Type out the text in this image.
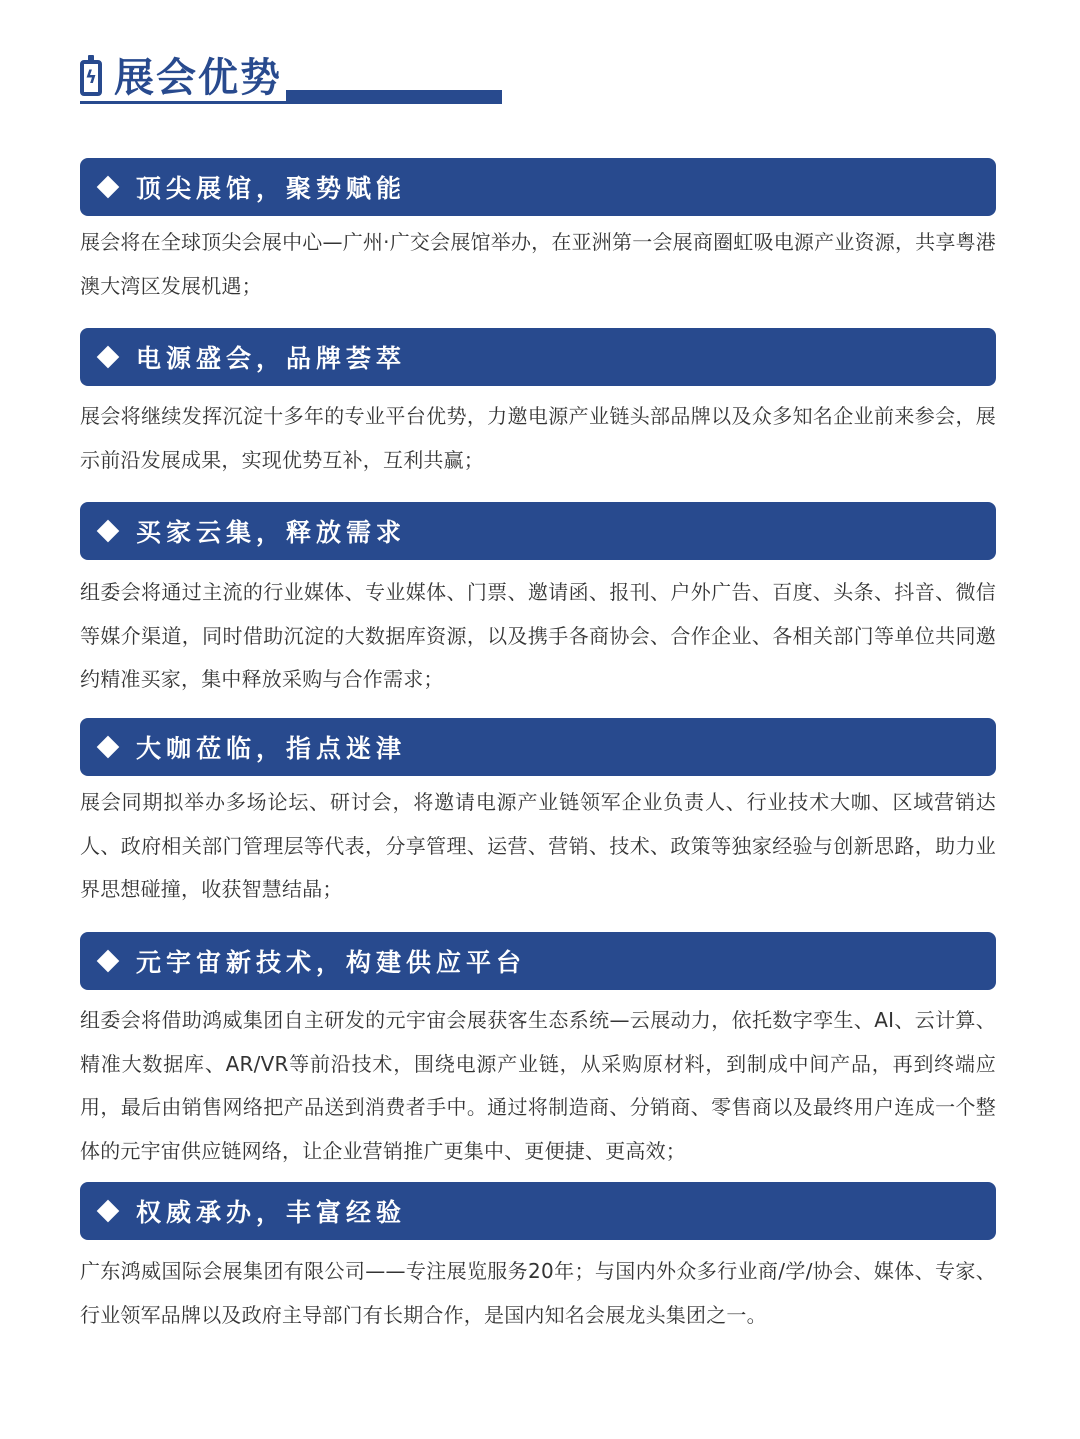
ϟ 展会优势
顶尖展馆，聚势赋能
展会将在全球顶尖会展中心—广州·广交会展馆举办，在亚洲第一会展商圈虹吸电源产业资源，共享粤港澳大湾区发展机遇；
电源盛会，品牌荟萃
展会将继续发挥沉淀十多年的专业平台优势，力邀电源产业链头部品牌以及众多知名企业前来参会，展示前沿发展成果，实现优势互补，互利共赢；
买家云集，释放需求
组委会将通过主流的行业媒体、专业媒体、门票、邀请函、报刊、户外广告、百度、头条、抖音、微信等媒介渠道，同时借助沉淀的大数据库资源，以及携手各商协会、合作企业、各相关部门等单位共同邀约精准买家，集中释放采购与合作需求；
大咖莅临，指点迷津
展会同期拟举办多场论坛、研讨会，将邀请电源产业链领军企业负责人、行业技术大咖、区域营销达人、政府相关部门管理层等代表，分享管理、运营、营销、技术、政策等独家经验与创新思路，助力业界思想碰撞，收获智慧结晶；
元宇宙新技术，构建供应平台
组委会将借助鸿威集团自主研发的元宇宙会展获客生态系统—云展动力，依托数字孪生、AI、云计算、精准大数据库、AR/VR等前沿技术，围绕电源产业链，从采购原材料，到制成中间产品，再到终端应用，最后由销售网络把产品送到消费者手中。通过将制造商、分销商、零售商以及最终用户连成一个整体的元宇宙供应链网络，让企业营销推广更集中、更便捷、更高效；
权威承办，丰富经验
广东鸿威国际会展集团有限公司——专注展览服务20年；与国内外众多行业商/学/协会、媒体、专家、行业领军品牌以及政府主导部门有长期合作，是国内知名会展龙头集团之一。
